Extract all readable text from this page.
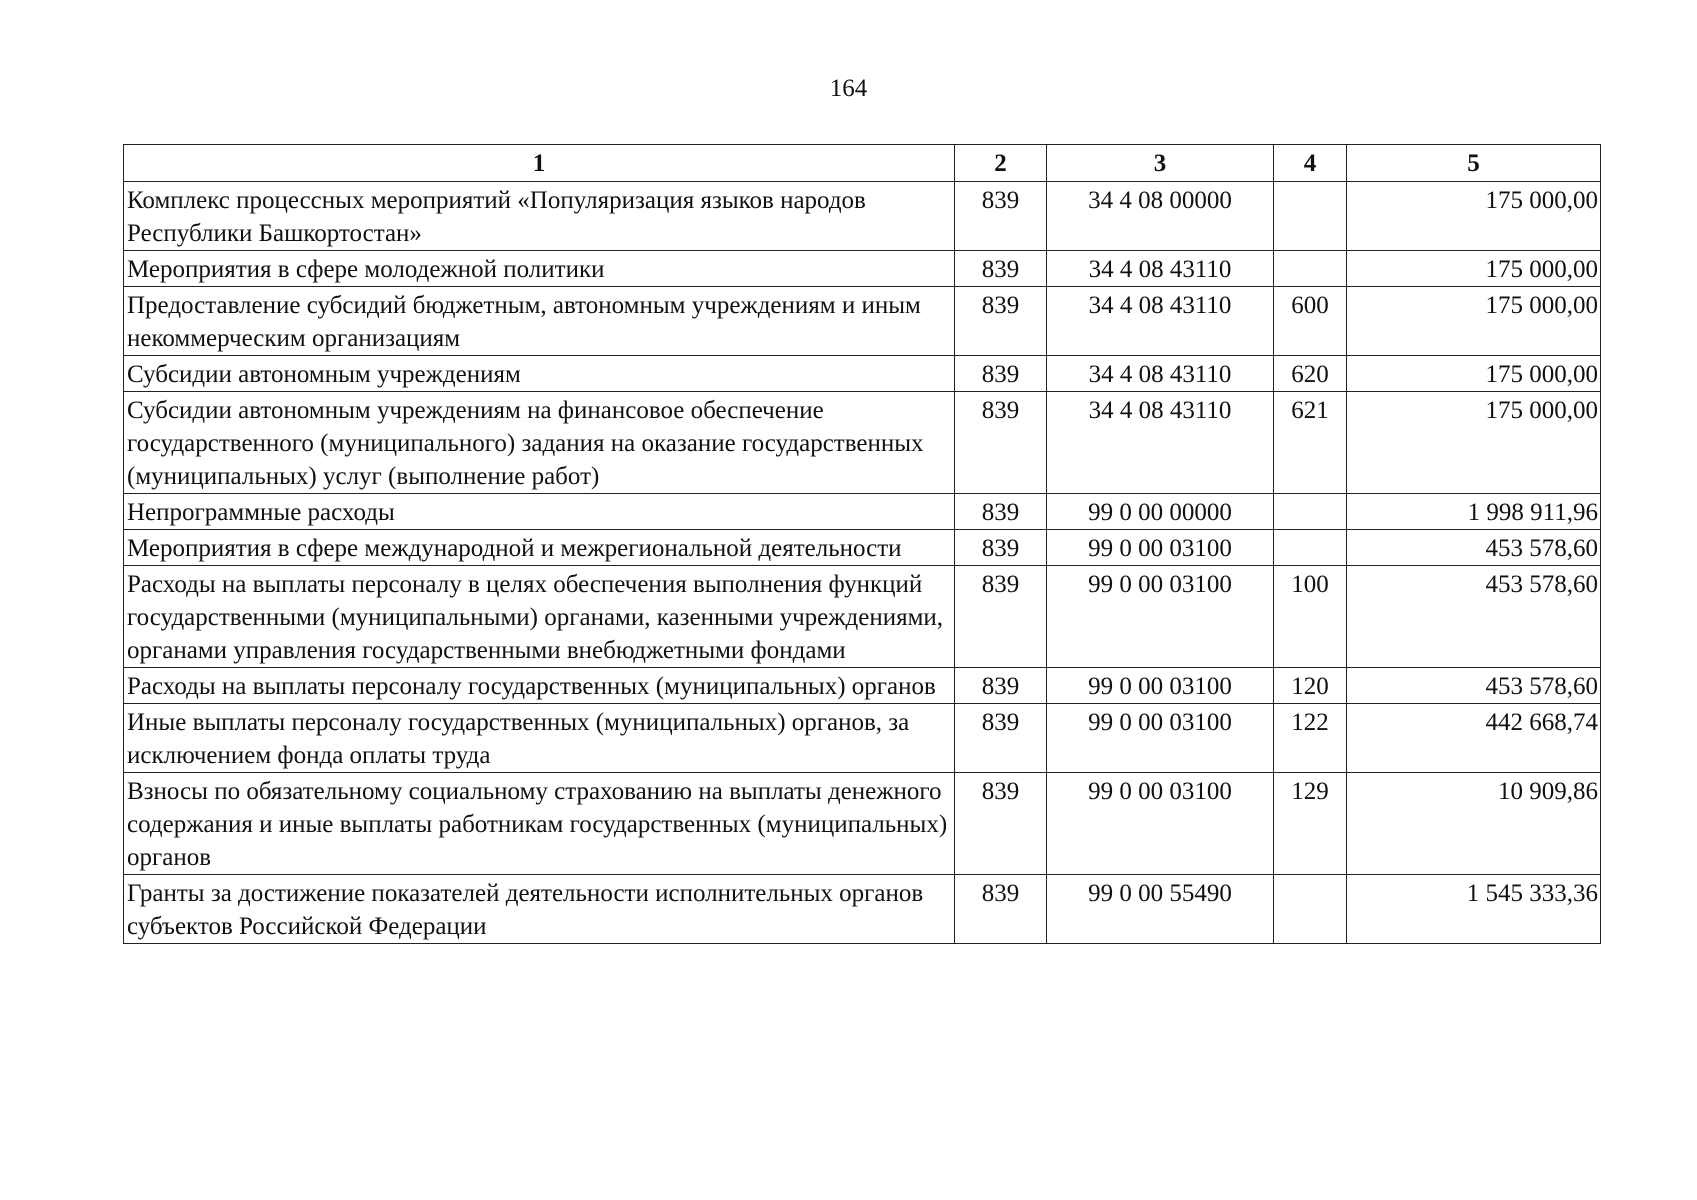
164
1	2	3	4	5
Комплекс процессных мероприятий «Популяризация языков народов Республики Башкортостан»	839	34 4 08 00000		175 000,00
Мероприятия в сфере молодежной политики	839	34 4 08 43110		175 000,00
Предоставление субсидий бюджетным, автономным учреждениям и иным некоммерческим организациям	839	34 4 08 43110	600	175 000,00
Субсидии автономным учреждениям	839	34 4 08 43110	620	175 000,00
Субсидии автономным учреждениям на финансовое обеспечение государственного (муниципального) задания на оказание государственных (муниципальных) услуг (выполнение работ)	839	34 4 08 43110	621	175 000,00
Непрограммные расходы	839	99 0 00 00000		1 998 911,96
Мероприятия в сфере международной и межрегиональной деятельности	839	99 0 00 03100		453 578,60
Расходы на выплаты персоналу в целях обеспечения выполнения функций государственными (муниципальными) органами, казенными учреждениями, органами управления государственными внебюджетными фондами	839	99 0 00 03100	100	453 578,60
Расходы на выплаты персоналу государственных (муниципальных) органов	839	99 0 00 03100	120	453 578,60
Иные выплаты персоналу государственных (муниципальных) органов, за исключением фонда оплаты труда	839	99 0 00 03100	122	442 668,74
Взносы по обязательному социальному страхованию на выплаты денежного содержания и иные выплаты работникам государственных (муниципальных) органов	839	99 0 00 03100	129	10 909,86
Гранты за достижение показателей деятельности исполнительных органов субъектов Российской Федерации	839	99 0 00 55490		1 545 333,36
